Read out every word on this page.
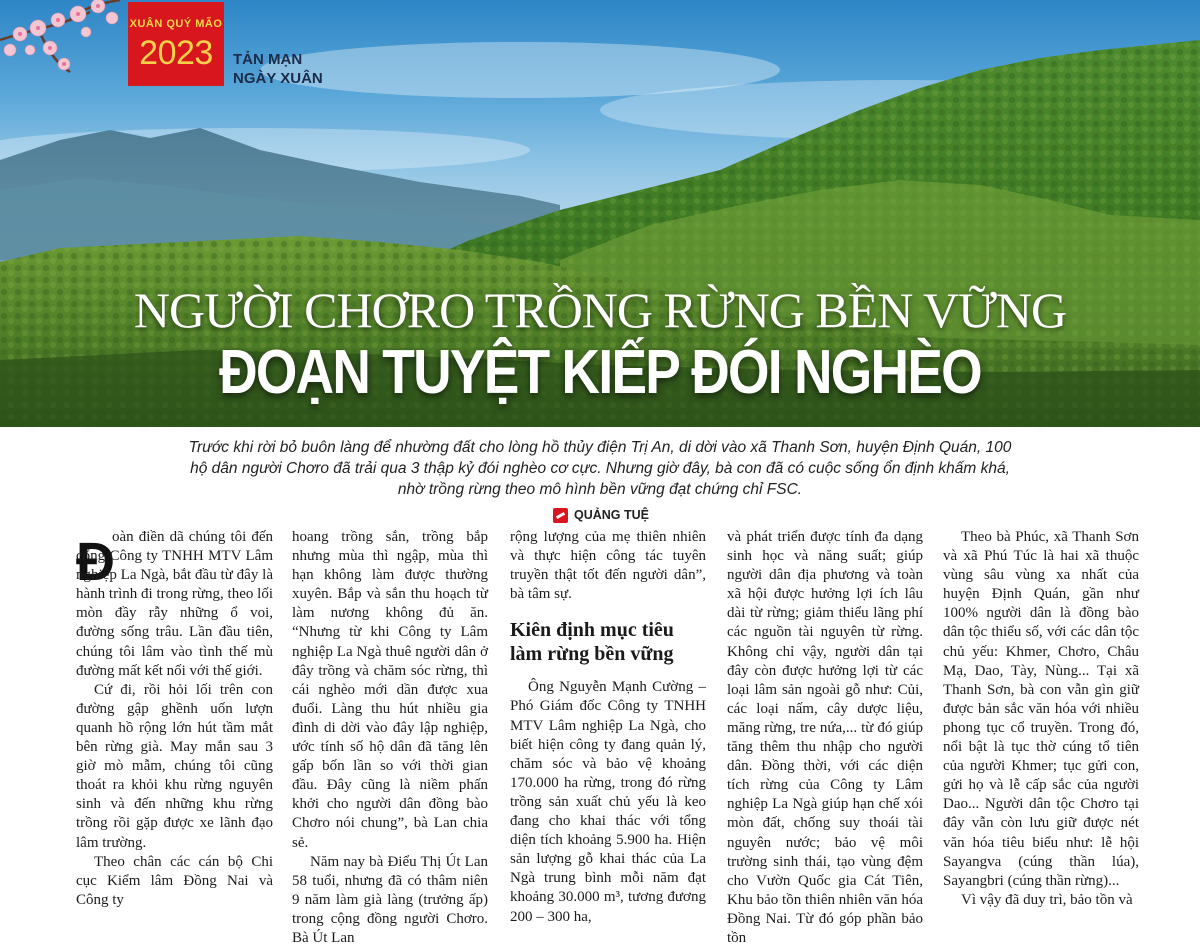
XUÂN QUÝ MÃO
2023	TẢN MẠN
NGÀY XUÂN
NGƯỜI CHƠRO TRỒNG RỪNG BỀN VỮNG
ĐOẠN TUYỆT KIẾP ĐÓI NGHÈO
Trước khi rời bỏ buôn làng để nhường đất cho lòng hồ thủy điện Trị An, di dời vào xã Thanh Sơn, huyện Định Quán, 100 hộ dân người Chơro đã trải qua 3 thập kỷ đói nghèo cơ cực. Nhưng giờ đây, bà con đã có cuộc sống ổn định khấm khá, nhờ trồng rừng theo mô hình bền vững đạt chứng chỉ FSC.
QUẢNG TUỆ
Đ

oàn điền dã chúng tôi đến cổng Công ty TNHH MTV Lâm nghiệp La Ngà, bắt đầu từ đây là hành trình đi trong rừng, theo lối mòn đầy rẫy những ổ voi, đường sống trâu. Lần đầu tiên, chúng tôi lâm vào tình thế mù đường mất kết nối với thế giới.

Cứ đi, rồi hỏi lối trên con đường gập ghềnh uốn lượn quanh hồ rộng lớn hút tầm mắt bên rừng già. May mắn sau 3 giờ mò mẫm, chúng tôi cũng thoát ra khỏi khu rừng nguyên sinh và đến những khu rừng trồng rồi gặp được xe lãnh đạo lâm trường.

Theo chân các cán bộ Chi cục Kiểm lâm Đồng Nai và Công ty

hoang trồng sắn, trồng bắp nhưng mùa thì ngập, mùa thì hạn không làm được thường xuyên. Bắp và sắn thu hoạch từ làm nương không đủ ăn. “Nhưng từ khi Công ty Lâm nghiệp La Ngà thuê người dân ở đây trồng và chăm sóc rừng, thì cái nghèo mới dần được xua đuổi. Làng thu hút nhiều gia đình di dời vào đây lập nghiệp, ước tính số hộ dân đã tăng lên gấp bốn lần so với thời gian đầu. Đây cũng là niềm phấn khởi cho người dân đồng bào Chơro nói chung”, bà Lan chia sẻ.

Năm nay bà Điểu Thị Út Lan 58 tuổi, nhưng đã có thâm niên 9 năm làm già làng (trưởng ấp) trong cộng đồng người Chơro. Bà Út Lan

rộng lượng của mẹ thiên nhiên và thực hiện công tác tuyên truyền thật tốt đến người dân”, bà tâm sự.

Kiên định mục tiêu làm rừng bền vững

Ông Nguyễn Mạnh Cường – Phó Giám đốc Công ty TNHH MTV Lâm nghiệp La Ngà, cho biết hiện công ty đang quản lý, chăm sóc và bảo vệ khoảng 170.000 ha rừng, trong đó rừng trồng sản xuất chủ yếu là keo đang cho khai thác với tổng diện tích khoảng 5.900 ha. Hiện sản lượng gỗ khai thác của La Ngà trung bình mỗi năm đạt khoảng 30.000 m³, tương đương 200 – 300 ha,

và phát triển được tính đa dạng sinh học và năng suất; giúp người dân địa phương và toàn xã hội được hưởng lợi ích lâu dài từ rừng; giảm thiểu lãng phí các nguồn tài nguyên từ rừng. Không chỉ vậy, người dân tại đây còn được hưởng lợi từ các loại lâm sản ngoài gỗ như: Củi, các loại nấm, cây dược liệu, măng rừng, tre nứa,... từ đó giúp tăng thêm thu nhập cho người dân. Đồng thời, với các diện tích rừng của Công ty Lâm nghiệp La Ngà giúp hạn chế xói mòn đất, chống suy thoái tài nguyên nước; bảo vệ môi trường sinh thái, tạo vùng đệm cho Vườn Quốc gia Cát Tiên, Khu bảo tồn thiên nhiên văn hóa Đồng Nai. Từ đó góp phần bảo tồn

Theo bà Phúc, xã Thanh Sơn và xã Phú Túc là hai xã thuộc vùng sâu vùng xa nhất của huyện Định Quán, gần như 100% người dân là đồng bào dân tộc thiểu số, với các dân tộc chủ yếu: Khmer, Chơro, Châu Mạ, Dao, Tày, Nùng... Tại xã Thanh Sơn, bà con vẫn gìn giữ được bản sắc văn hóa với nhiều phong tục cổ truyền. Trong đó, nổi bật là tục thờ cúng tổ tiên của người Khmer; tục gửi con, gửi họ và lễ cấp sắc của người Dao... Người dân tộc Chơro tại đây vẫn còn lưu giữ được nét văn hóa tiêu biểu như: lễ hội Sayangva (cúng thần lúa), Sayangbri (cúng thần rừng)...

Vì vậy đã duy trì, bảo tồn và
